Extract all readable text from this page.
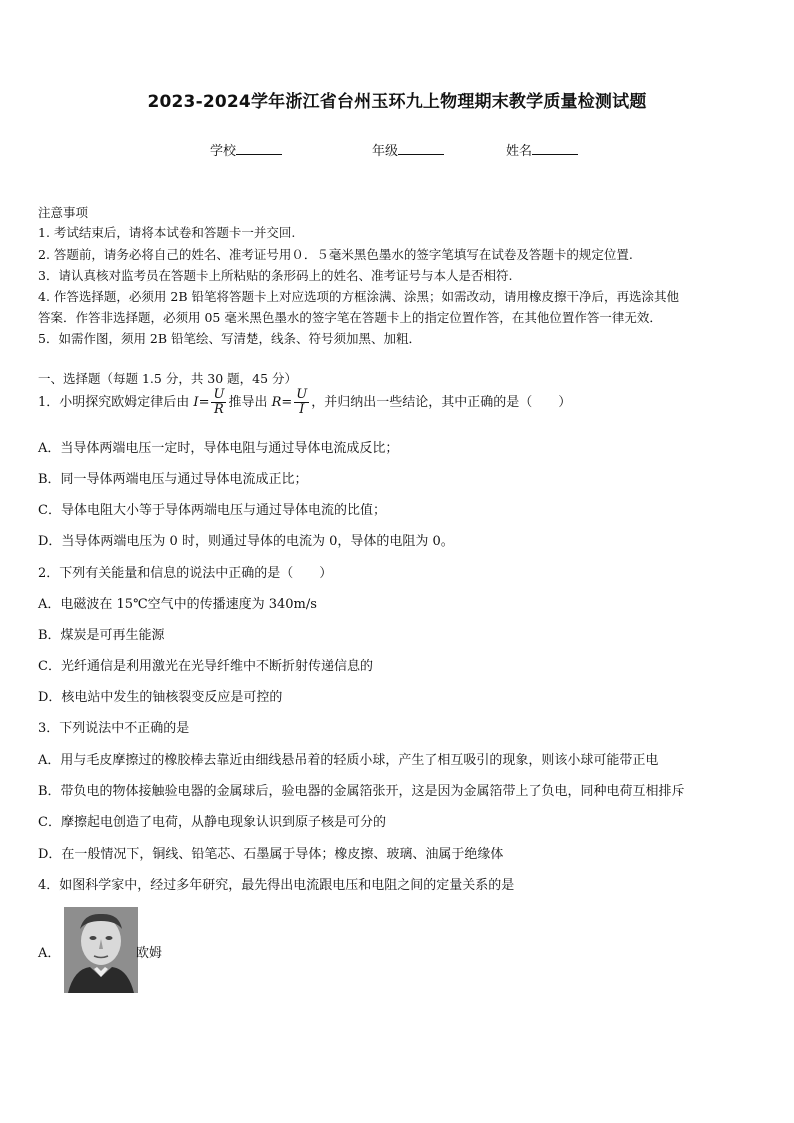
2023-2024学年浙江省台州玉环九上物理期末教学质量检测试题
学校	年级	姓名
注意事项
1. 考试结束后，请将本试卷和答题卡一并交回.
2. 答题前，请务必将自己的姓名、准考证号用０．５毫米黑色墨水的签字笔填写在试卷及答题卡的规定位置.
3．请认真核对监考员在答题卡上所粘贴的条形码上的姓名、准考证号与本人是否相符.
4. 作答选择题，必须用 2B 铅笔将答题卡上对应选项的方框涂满、涂黑；如需改动，请用橡皮擦干净后，再选涂其他
答案．作答非选择题，必须用 05 毫米黑色墨水的签字笔在答题卡上的指定位置作答，在其他位置作答一律无效．
5．如需作图，须用 2B 铅笔绘、写清楚，线条、符号须加黑、加粗．
一、选择题（每题 1.5 分，共 30 题，45 分）
1．小明探究欧姆定律后由 $I= \frac{U}{R}$ 推导出 $R= \frac{U}{I}$ ，并归纳出一些结论，其中正确的是（　　）
A．当导体两端电压一定时，导体电阻与通过导体电流成反比；
B．同一导体两端电压与通过导体电流成正比；
C．导体电阻大小等于导体两端电压与通过导体电流的比值；
D．当导体两端电压为 0 时，则通过导体的电流为 0，导体的电阻为 0。
2．下列有关能量和信息的说法中正确的是（　　）
A．电磁波在 15℃空气中的传播速度为 340m/s
B．煤炭是可再生能源
C．光纤通信是利用激光在光导纤维中不断折射传递信息的
D．核电站中发生的铀核裂变反应是可控的
3．下列说法中不正确的是
A．用与毛皮摩擦过的橡胶棒去靠近由细线悬吊着的轻质小球，产生了相互吸引的现象，则该小球可能带正电
B．带负电的物体接触验电器的金属球后，验电器的金属箔张开，这是因为金属箔带上了负电，同种电荷互相排斥
C．摩擦起电创造了电荷，从静电现象认识到原子核是可分的
D．在一般情况下，铜线、铅笔芯、石墨属于导体；橡皮擦、玻璃、油属于绝缘体
4．如图科学家中，经过多年研究，最先得出电流跟电压和电阻之间的定量关系的是
A．	欧姆
